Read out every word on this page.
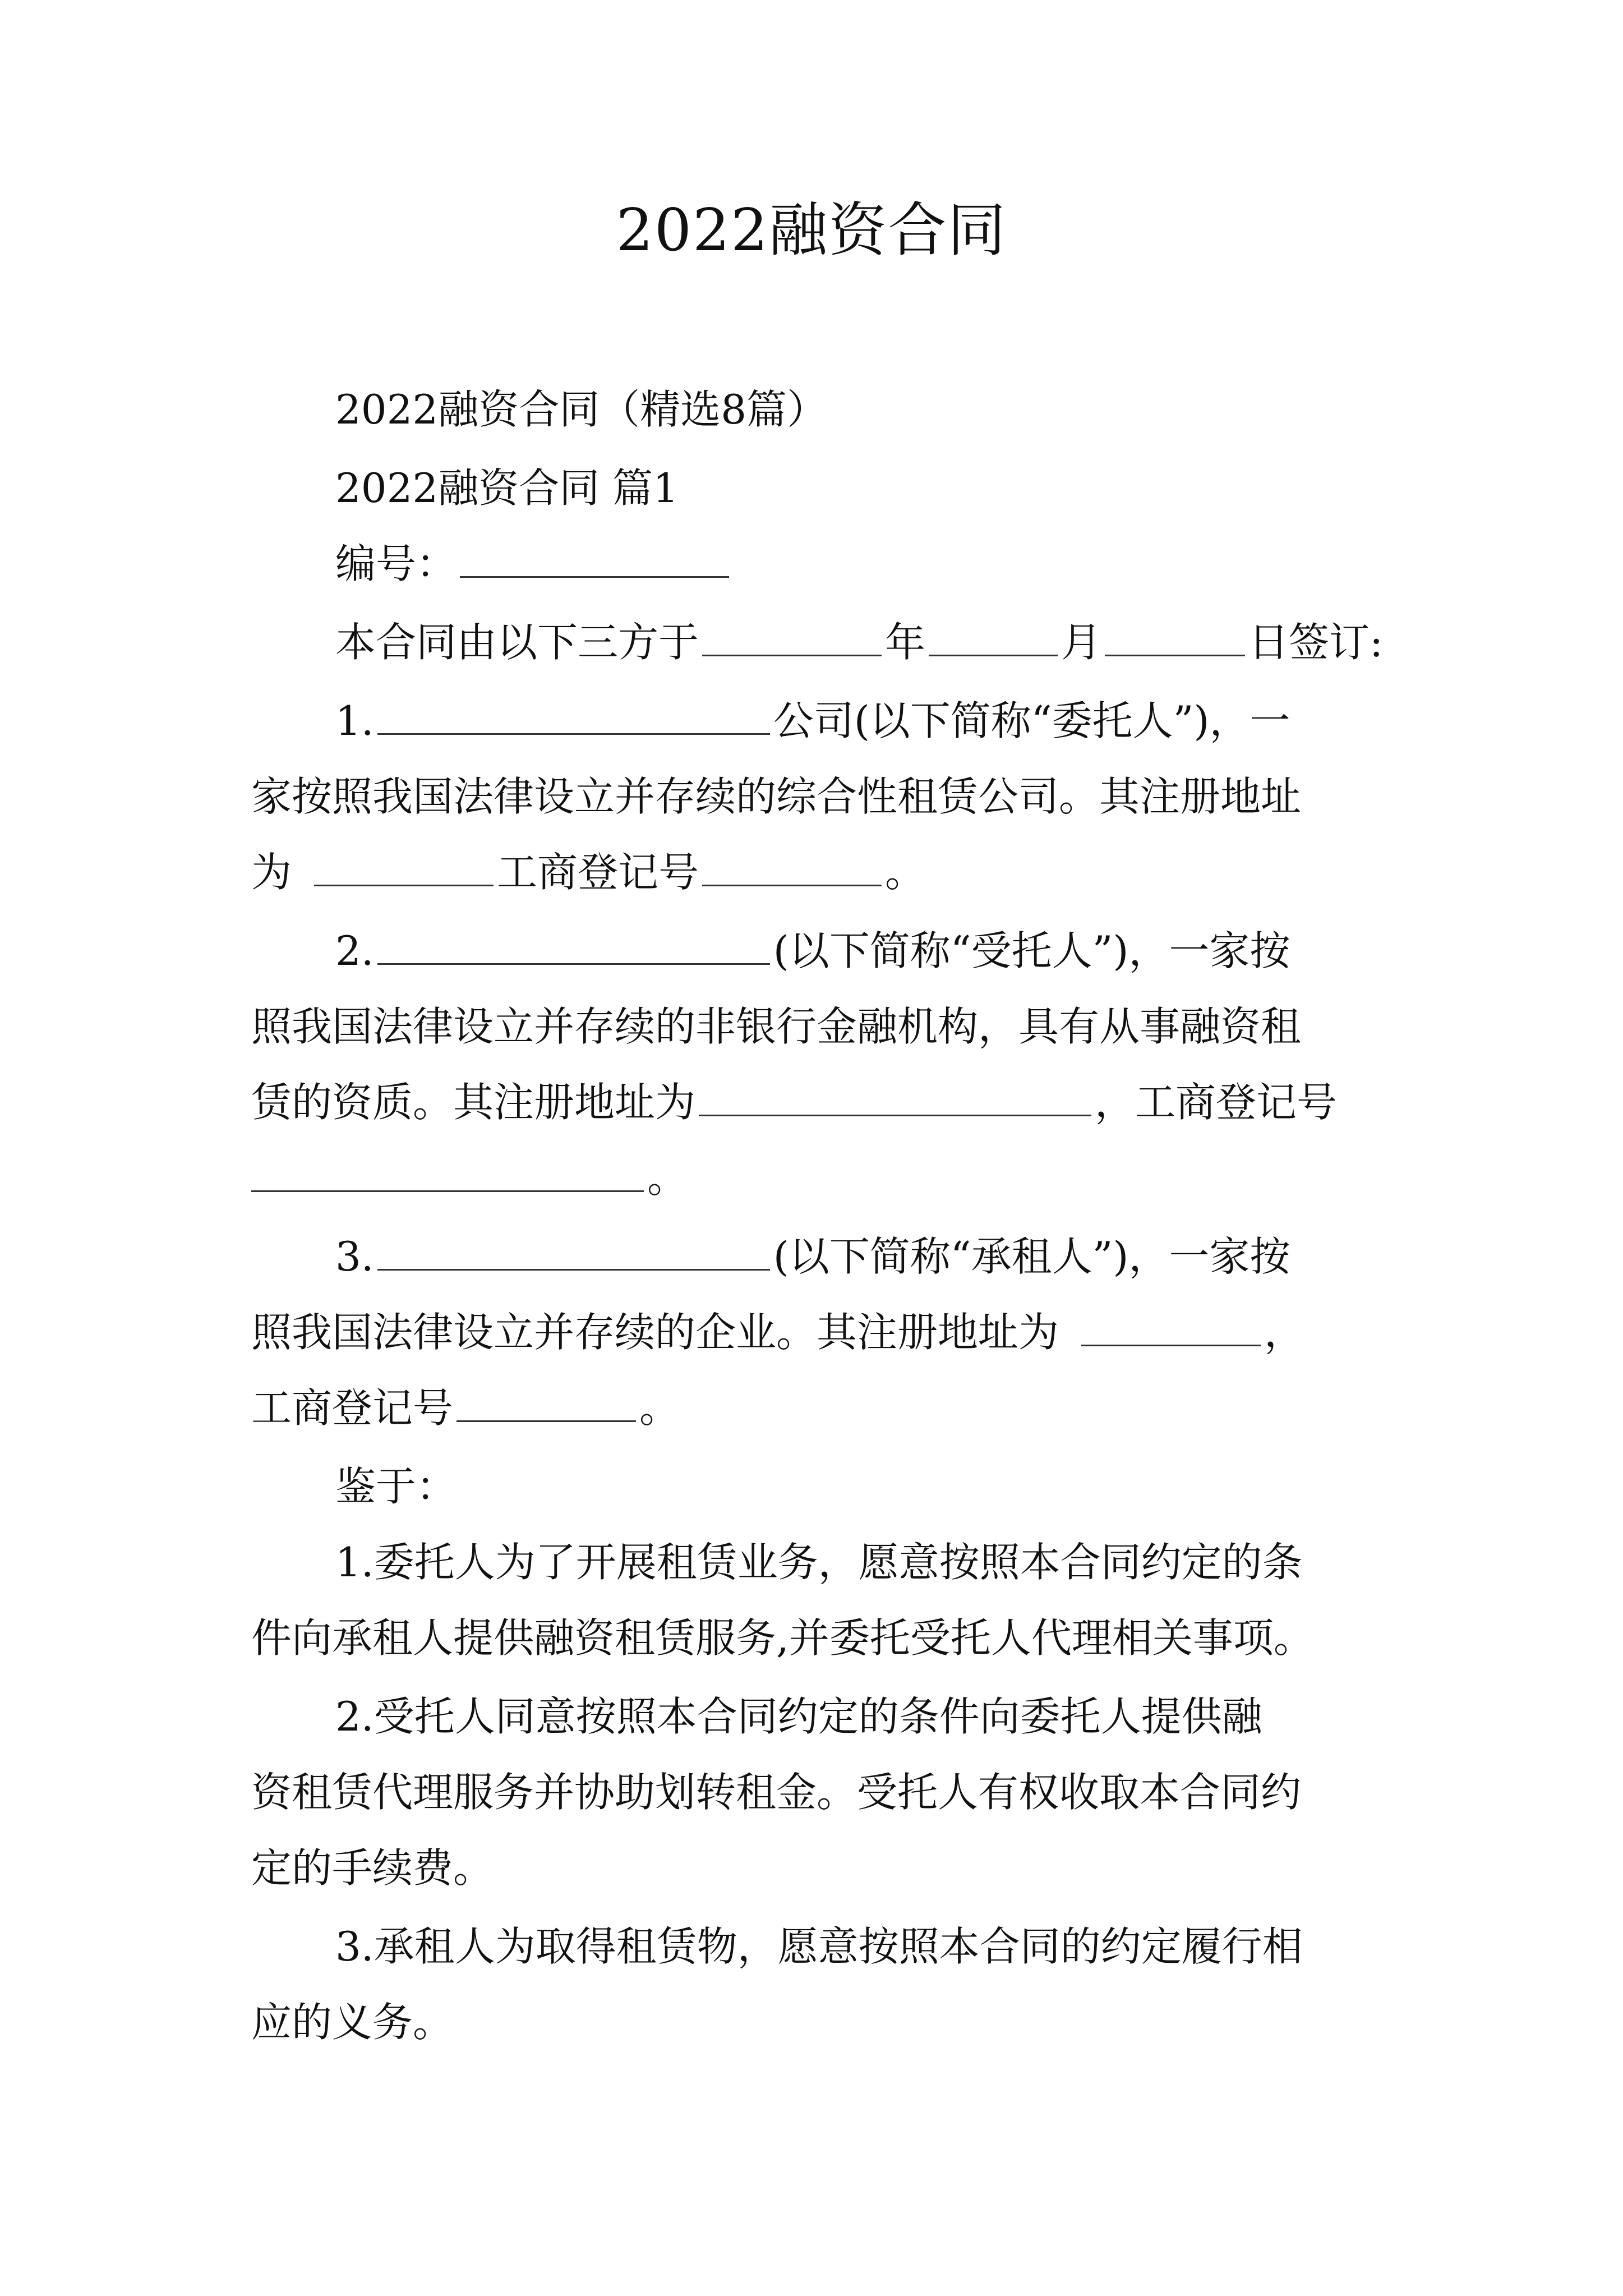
2022融资合同
2022融资合同（精选8篇）
2022融资合同 篇1
编号：
本合同由以下三方于	年	月	日签订:
1.	公司(以下简称“委托人”)，一
家按照我国法律设立并存续的综合性租赁公司。其注册地址
为	工商登记号	。
2.	(以下简称“受托人”)，一家按
照我国法律设立并存续的非银行金融机构，具有从事融资租
赁的资质。其注册地址为	，工商登记号
。
3.	(以下简称“承租人”)，一家按
照我国法律设立并存续的企业。其注册地址为	，
工商登记号	。
鉴于：
1.委托人为了开展租赁业务，愿意按照本合同约定的条
件向承租人提供融资租赁服务,并委托受托人代理相关事项。
2.受托人同意按照本合同约定的条件向委托人提供融
资租赁代理服务并协助划转租金。受托人有权收取本合同约
定的手续费。
3.承租人为取得租赁物，愿意按照本合同的约定履行相
应的义务。
